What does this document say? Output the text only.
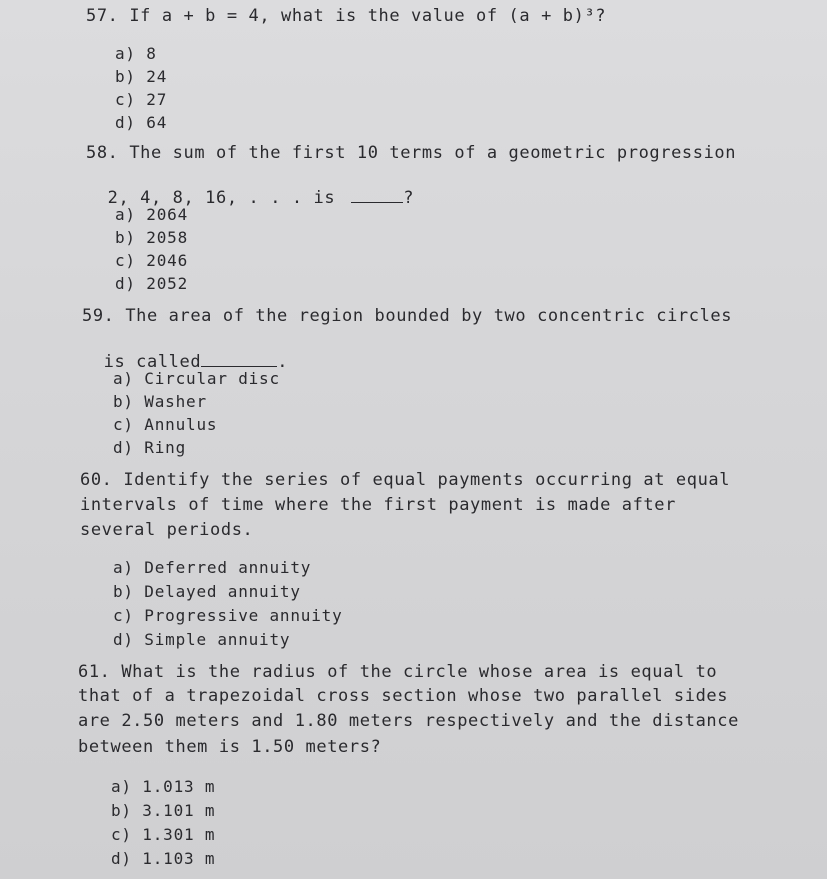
57. If a + b = 4, what is the value of (a + b)³?
a) 8
b) 24
c) 27
d) 64
58. The sum of the first 10 terms of a geometric progression

2, 4, 8, 16, . . . is	?

a) 2064
b) 2058
c) 2046
d) 2052
59. The area of the region bounded by two concentric circles

is called	.

a) Circular disc
b) Washer
c) Annulus
d) Ring
60. Identify the series of equal payments occurring at equal
intervals of time where the first payment is made after
several periods.
a) Deferred annuity
b) Delayed annuity
c) Progressive annuity
d) Simple annuity
61. What is the radius of the circle whose area is equal to
that of a trapezoidal cross section whose two parallel sides
are 2.50 meters and 1.80 meters respectively and the distance
between them is 1.50 meters?
a) 1.013 m
b) 3.101 m
c) 1.301 m
d) 1.103 m
